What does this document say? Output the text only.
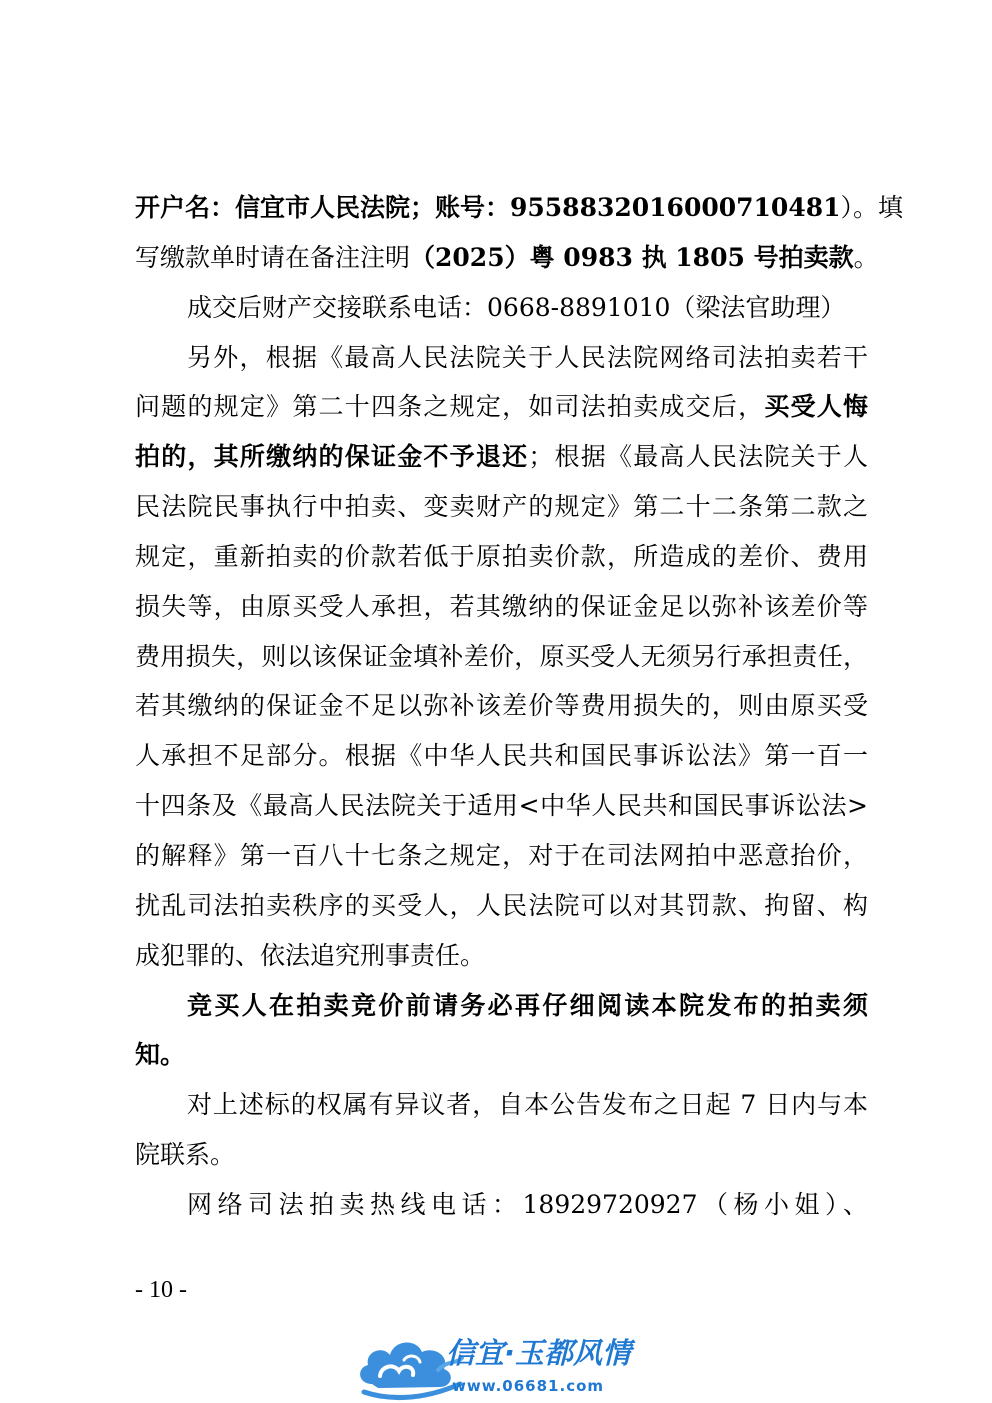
开户名：信宜市人民法院；账号：9558832016000710481）。填
写缴款单时请在备注注明（2025）粤 0983 执 1805 号拍卖款。
成交后财产交接联系电话：0668-8891010（梁法官助理）
另外，根据《最高人民法院关于人民法院网络司法拍卖若干
问题的规定》第二十四条之规定，如司法拍卖成交后，买受人悔
拍的，其所缴纳的保证金不予退还；根据《最高人民法院关于人
民法院民事执行中拍卖、变卖财产的规定》第二十二条第二款之
规定，重新拍卖的价款若低于原拍卖价款，所造成的差价、费用
损失等，由原买受人承担，若其缴纳的保证金足以弥补该差价等
费用损失，则以该保证金填补差价，原买受人无须另行承担责任，
若其缴纳的保证金不足以弥补该差价等费用损失的，则由原买受
人承担不足部分。根据《中华人民共和国民事诉讼法》第一百一
十四条及《最高人民法院关于适用<中华人民共和国民事诉讼法>
的解释》第一百八十七条之规定，对于在司法网拍中恶意抬价，
扰乱司法拍卖秩序的买受人，人民法院可以对其罚款、拘留、构
成犯罪的、依法追究刑事责任。
竞买人在拍卖竞价前请务必再仔细阅读本院发布的拍卖须
知。
对上述标的权属有异议者，自本公告发布之日起 7 日内与本
院联系。
网络司法拍卖热线电话：18929720927（杨小姐）、
- 10 -
信宜·玉都风情
www.06681.com
